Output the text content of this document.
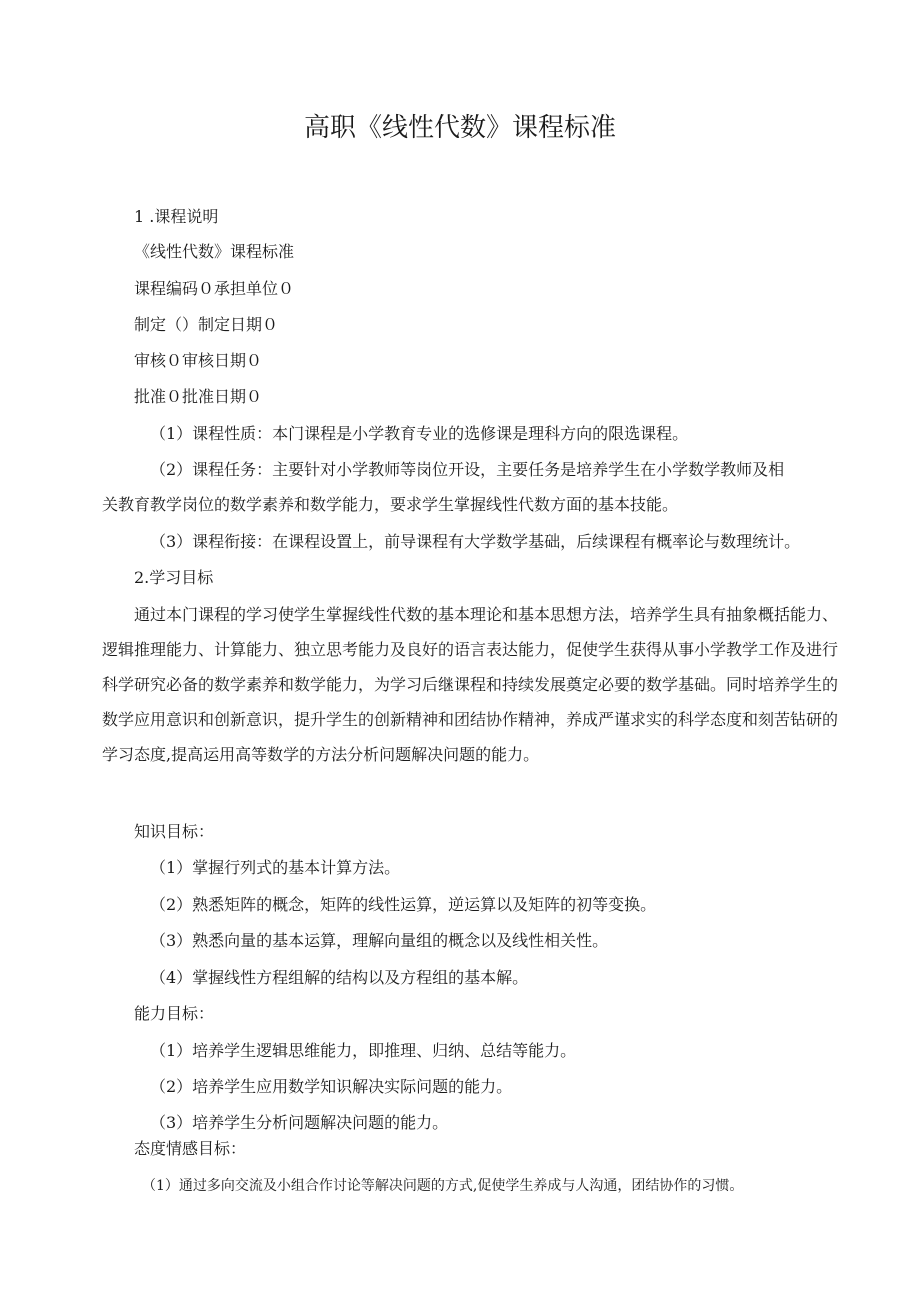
高职《线性代数》课程标准
1 .课程说明
《线性代数》课程标准
课程编码０承担单位０
制定（）制定日期０
审核０审核日期０
批准０批准日期０
（1）课程性质：本门课程是小学教育专业的选修课是理科方向的限选课程。
（2）课程任务：主要针对小学教师等岗位开设，主要任务是培养学生在小学数学教师及相
关教育教学岗位的数学素养和数学能力，要求学生掌握线性代数方面的基本技能。
（3）课程衔接：在课程设置上，前导课程有大学数学基础，后续课程有概率论与数理统计。
2.学习目标
通过本门课程的学习使学生掌握线性代数的基本理论和基本思想方法，培养学生具有抽象概括能力、逻辑推理能力、计算能力、独立思考能力及良好的语言表达能力，促使学生获得从事小学教学工作及进行科学研究必备的数学素养和数学能力，为学习后继课程和持续发展奠定必要的数学基础。同时培养学生的数学应用意识和创新意识，提升学生的创新精神和团结协作精神，养成严谨求实的科学态度和刻苦钻研的学习态度,提高运用高等数学的方法分析问题解决问题的能力。
知识目标：
（1）掌握行列式的基本计算方法。
（2）熟悉矩阵的概念，矩阵的线性运算，逆运算以及矩阵的初等变换。
（3）熟悉向量的基本运算，理解向量组的概念以及线性相关性。
（4）掌握线性方程组解的结构以及方程组的基本解。
能力目标：
（1）培养学生逻辑思维能力，即推理、归纳、总结等能力。
（2）培养学生应用数学知识解决实际问题的能力。
（3）培养学生分析问题解决问题的能力。
态度情感目标：
（1）通过多向交流及小组合作讨论等解决问题的方式,促使学生养成与人沟通，团结协作的习惯。
